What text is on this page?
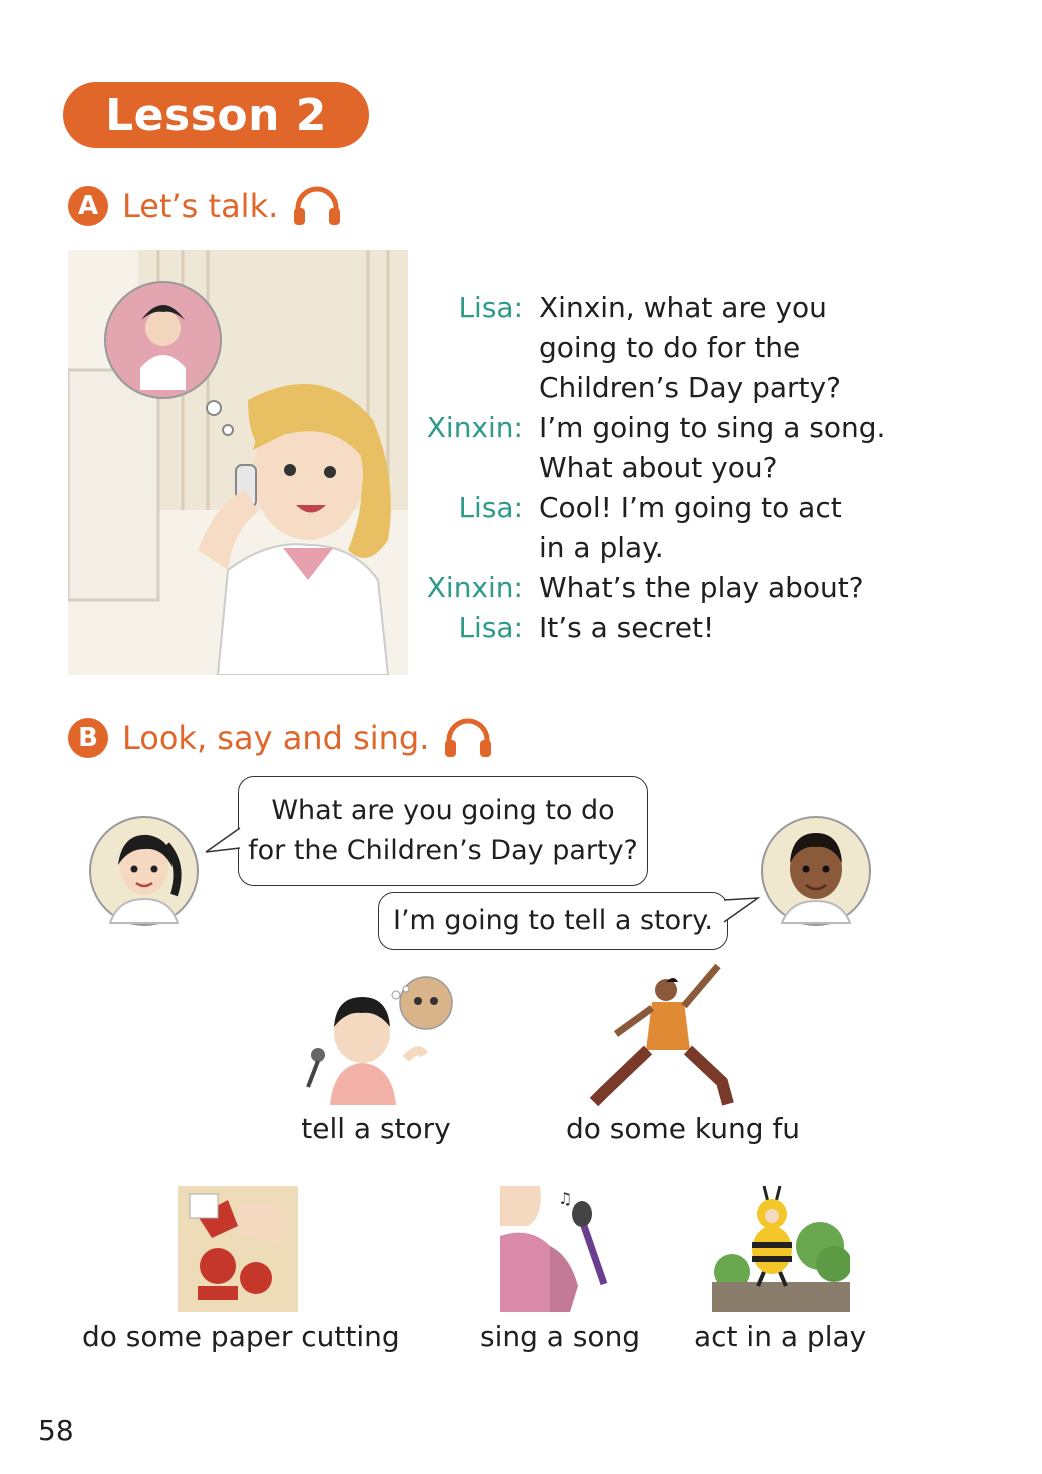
Lesson 2
A Let’s talk.
Lisa: Xinxin, what are you
going to do for the
Children’s Day party?
Xinxin: I’m going to sing a song.
What about you?
Lisa: Cool! I’m going to act
in a play.
Xinxin: What’s the play about?
Lisa: It’s a secret!
B Look, say and sing.
What are you going to do
for the Children’s Day party?
I’m going to tell a story.
tell a story	do some kung fu
do some paper cutting
♫
sing a song act in a play
58
